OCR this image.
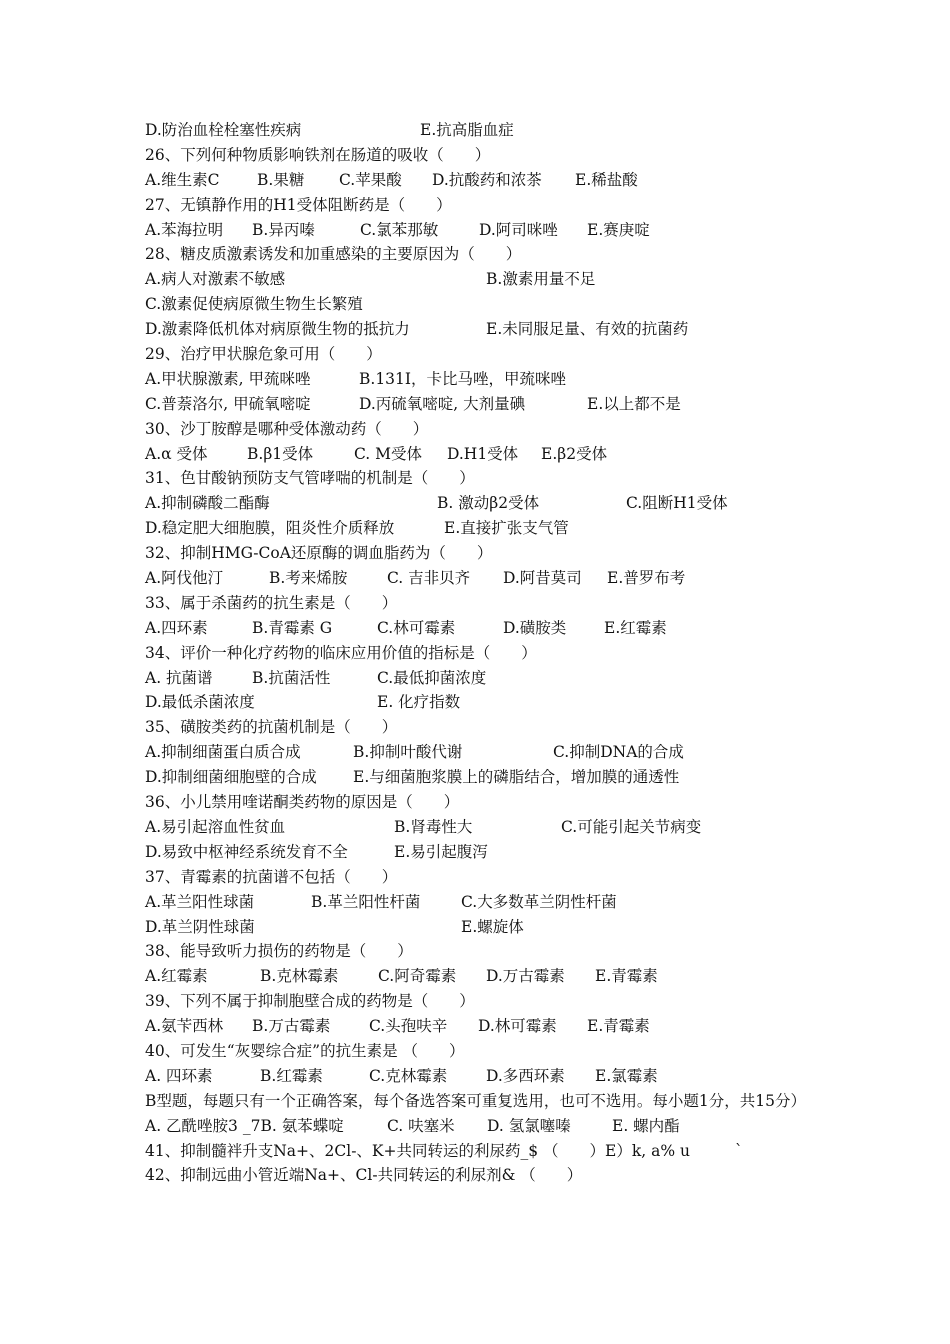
D.防治血栓栓塞性疾病	E.抗高脂血症
26、下列何种物质影响铁剂在肠道的吸收（　　）
A.维生素C B.果糖 C.苹果酸 D.抗酸药和浓茶 E.稀盐酸
27、无镇静作用的H1受体阻断药是（　　）
A.苯海拉明 B.异丙嗪	C.氯苯那敏	D.阿司咪唑 E.赛庚啶
28、糖皮质激素诱发和加重感染的主要原因为（　　）
A.病人对激素不敏感	B.激素用量不足
C.激素促使病原微生物生长繁殖
D.激素降低机体对病原微生物的抵抗力	E.未同服足量、有效的抗菌药
29、治疗甲状腺危象可用（　　）
A.甲状腺激素, 甲巯咪唑	B.131I，卡比马唑，甲巯咪唑
C.普萘洛尔, 甲硫氧嘧啶	D.丙硫氧嘧啶, 大剂量碘	E.以上都不是
30、沙丁胺醇是哪种受体激动药（　　）
A.α 受体	B.β1受体	C. M受体 D.H1受体 E.β2受体
31、色甘酸钠预防支气管哮喘的机制是（　　）
A.抑制磷酸二酯酶	B. 激动β2受体	C.阻断H1受体
D.稳定肥大细胞膜，阻炎性介质释放	E.直接扩张支气管
32、抑制HMG-CoA还原酶的调血脂药为（　　）
A.阿伐他汀	B.考来烯胺	C. 吉非贝齐 D.阿昔莫司 E.普罗布考
33、属于杀菌药的抗生素是（　　）
A.四环素	B.青霉素 G	C.林可霉素	D.磺胺类 E.红霉素
34、评价一种化疗药物的临床应用价值的指标是（　　）
A. 抗菌谱	B.抗菌活性	C.最低抑菌浓度
D.最低杀菌浓度	E. 化疗指数
35、磺胺类药的抗菌机制是（　　）
A.抑制细菌蛋白质合成	B.抑制叶酸代谢	C.抑制DNA的合成
D.抑制细菌细胞壁的合成 E.与细菌胞浆膜上的磷脂结合，增加膜的通透性
36、小儿禁用喹诺酮类药物的原因是（　　）
A.易引起溶血性贫血	B.肾毒性大	C.可能引起关节病变
D.易致中枢神经系统发育不全	E.易引起腹泻
37、青霉素的抗菌谱不包括（　　）
A.革兰阳性球菌	B.革兰阳性杆菌	C.大多数革兰阴性杆菌
D.革兰阴性球菌	E.螺旋体
38、能导致听力损伤的药物是（　　）
A.红霉素	B.克林霉素	C.阿奇霉素 D.万古霉素 E.青霉素
39、下列不属于抑制胞壁合成的药物是（　　）
A.氨苄西林 B.万古霉素 C.头孢呋辛 D.林可霉素 E.青霉素
40、可发生“灰婴综合症”的抗生素是 （　　）
A. 四环素	B.红霉素	C.克林霉素	D.多西环素 E.氯霉素
B型题，每题只有一个正确答案，每个备选答案可重复选用，也可不选用。每小题1分，共15分）
A. 乙酰唑胺3 _7B. 氨苯蝶啶	C. 呋塞米 D. 氢氯噻嗪	E. 螺内酯
41、抑制髓袢升支Na+、2Cl-、K+共同转运的利尿药_$ （　　）E）k, a% u	`
42、抑制远曲小管近端Na+、Cl-共同转运的利尿剂& （　　）
